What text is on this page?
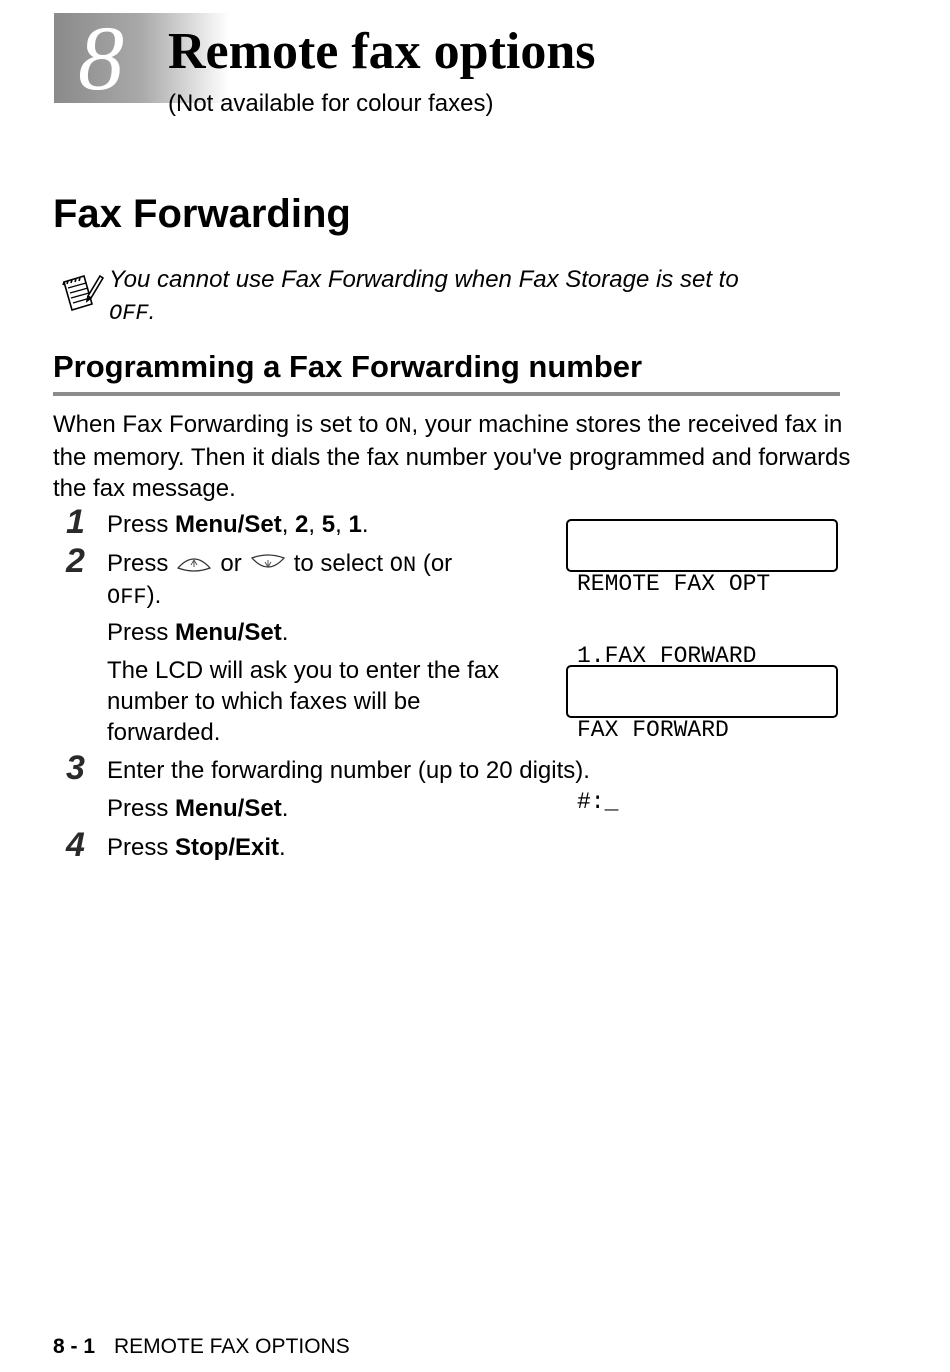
8 Remote fax options
(Not available for colour faxes)
Fax Forwarding
You cannot use Fax Forwarding when Fax Storage is set to
OFF.
Programming a Fax Forwarding number
When Fax Forwarding is set to ON, your machine stores the received fax in the memory. Then it dials the fax number you've programmed and forwards the fax message.
1 Press Menu/Set, 2, 5, 1.

REMOTE FAX OPT

1.FAX FORWARD

2 Press or to select ON (or
OFF).
Press Menu/Set.
The LCD will ask you to enter the fax number to which faxes will be forwarded.

	FAX FORWARD

#:_

3 Enter the forwarding number (up to 20 digits).
Press Menu/Set.
4 Press Stop/Exit.
8 - 1 REMOTE FAX OPTIONS
